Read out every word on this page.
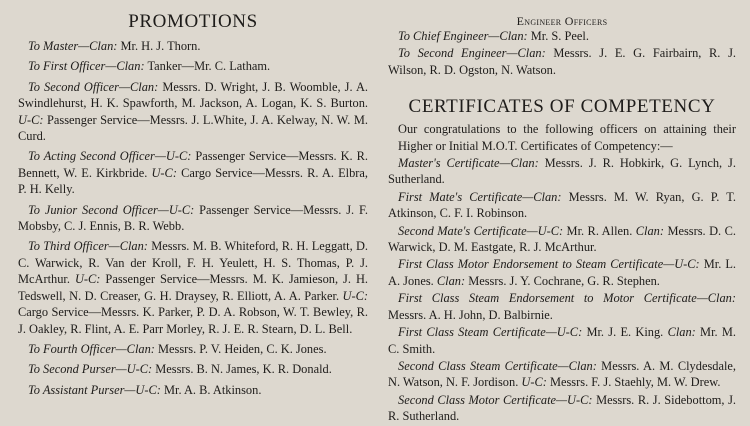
PROMOTIONS

To Master—Clan: Mr. H. J. Thorn.

To First Officer—Clan: Tanker—Mr. C. Latham.

To Second Officer—Clan: Messrs. D. Wright, J. B. Woomble, J. A. Swindlehurst, H. K. Spawforth, M. Jackson, A. Logan, K. S. Burton. U-C: Passenger Service—Messrs. J. L.White, J. A. Kelway, N. W. M. Curd.

To Acting Second Officer—U-C: Passenger Service—Messrs. K. R. Bennett, W. E. Kirkbride. U-C: Cargo Service—Messrs. R. A. Elbra, P. H. Kelly.

To Junior Second Officer—U-C: Passenger Service—Messrs. J. F. Mobsby, C. J. Ennis, B. R. Webb.

To Third Officer—Clan: Messrs. M. B. Whiteford, R. H. Leggatt, D. C. Warwick, R. Van der Kroll, F. H. Yeulett, H. S. Thomas, P. J. McArthur. U-C: Passenger Service—Messrs. M. K. Jamieson, J. H. Tedswell, N. D. Creaser, G. H. Draysey, R. Elliott, A. A. Parker. U-C: Cargo Service—Messrs. K. Parker, P. D. A. Robson, W. T. Bewley, R. J. Oakley, R. Flint, A. E. Parr Morley, R. J. E. R. Stearn, D. L. Bell.

To Fourth Officer—Clan: Messrs. P. V. Heiden, C. K. Jones.

To Second Purser—U-C: Messrs. B. N. James, K. R. Donald.

To Assistant Purser—U-C: Mr. A. B. Atkinson.

Engineer Officers

To Chief Engineer—Clan: Mr. S. Peel.

To Second Engineer—Clan: Messrs. J. E. G. Fairbairn, R. J. Wilson, R. D. Ogston, N. Watson.

CERTIFICATES OF COMPETENCY

Our congratulations to the following officers on attaining their Higher or Initial M.O.T. Certificates of Competency:—

Master's Certificate—Clan: Messrs. J. R. Hobkirk, G. Lynch, J. Sutherland.

First Mate's Certificate—Clan: Messrs. M. W. Ryan, G. P. T. Atkinson, C. F. I. Robinson.

Second Mate's Certificate—U-C: Mr. R. Allen. Clan: Messrs. D. C. Warwick, D. M. Eastgate, R. J. McArthur.

First Class Motor Endorsement to Steam Certificate—U-C: Mr. L. A. Jones. Clan: Messrs. J. Y. Cochrane, G. R. Stephen.

First Class Steam Endorsement to Motor Certificate—Clan: Messrs. A. H. John, D. Balbirnie.

First Class Steam Certificate—U-C: Mr. J. E. King. Clan: Mr. M. C. Smith.

Second Class Steam Certificate—Clan: Messrs. A. M. Clydesdale, N. Watson, N. F. Jordison. U-C: Messrs. F. J. Staehly, M. W. Drew.

Second Class Motor Certificate—U-C: Messrs. R. J. Sidebottom, J. R. Sutherland.
